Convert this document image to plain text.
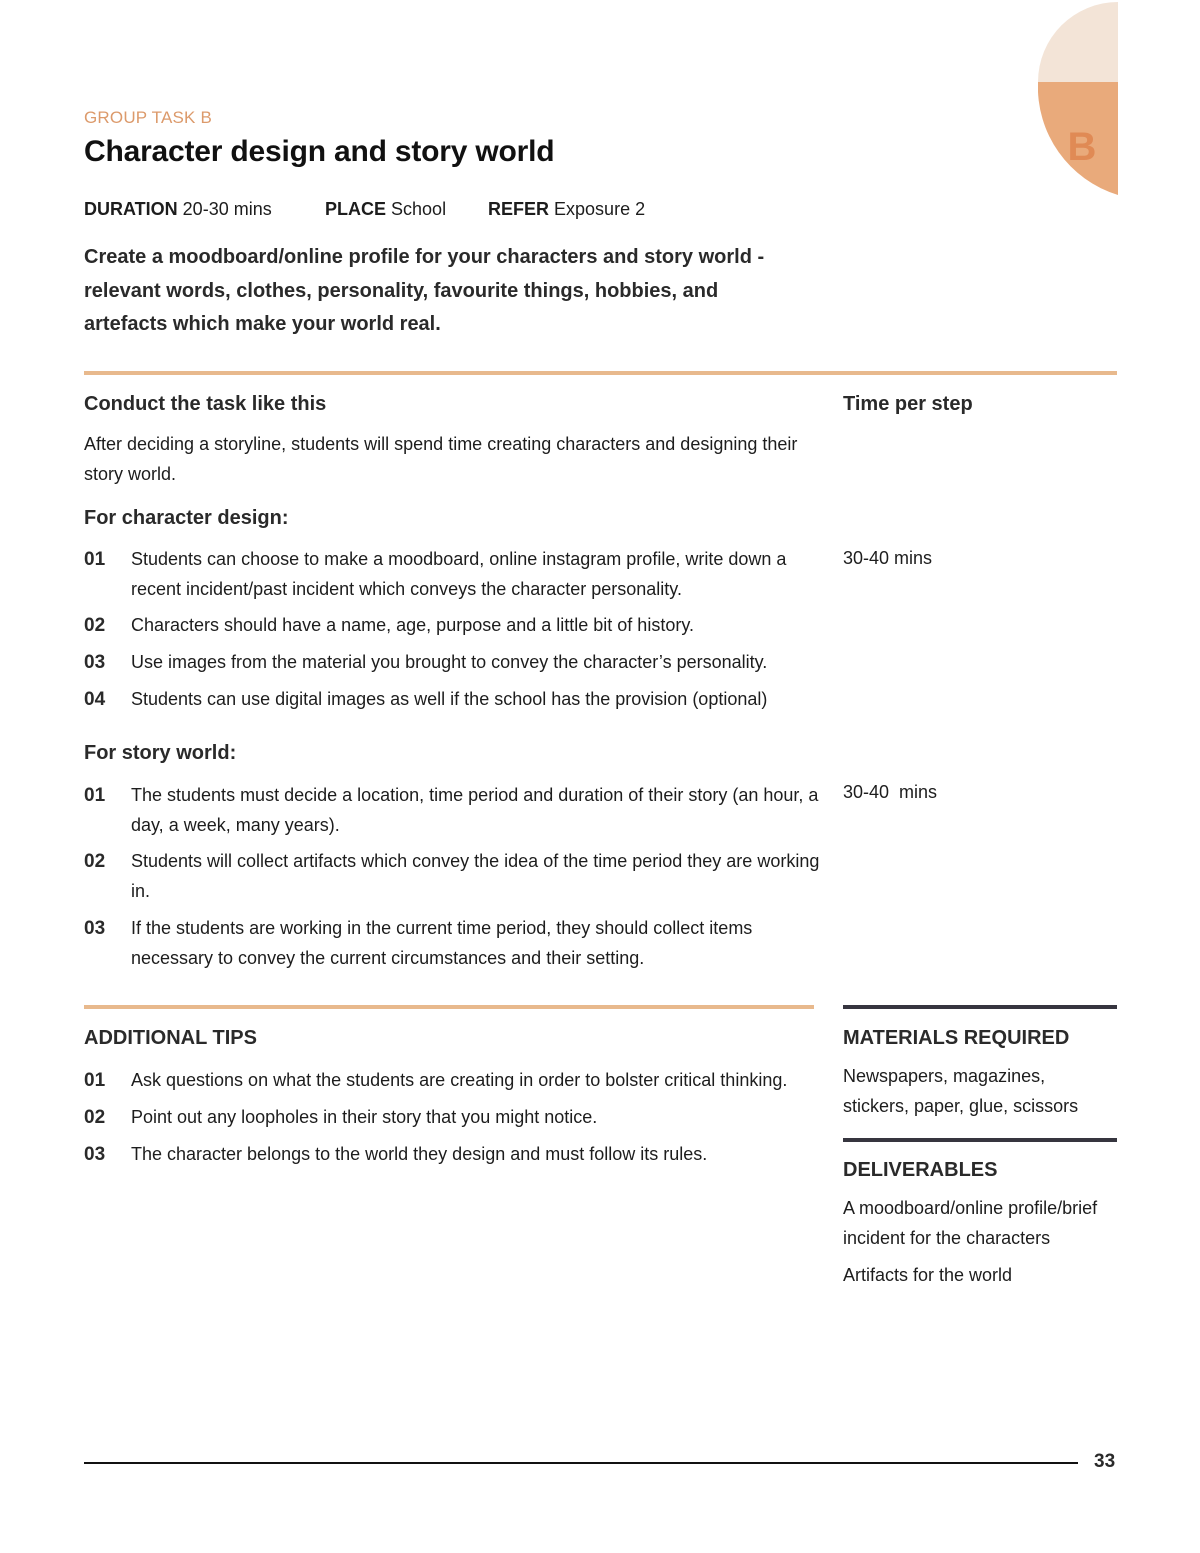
B
GROUP TASK B
Character design and story world
DURATION 20-30 mins	PLACE School REFER Exposure 2
Create a moodboard/online profile for your characters and story world - relevant words, clothes, personality, favourite things, hobbies, and artefacts which make your world real.
Conduct the task like this	Time per step
After deciding a storyline, students will spend time creating characters and designing their story world.
For character design:
30-40 mins
01 Students can choose to make a moodboard, online instagram profile, write down a recent incident/past incident which conveys the character personality.
02 Characters should have a name, age, purpose and a little bit of history.
03 Use images from the material you brought to convey the character’s personality.
04 Students can use digital images as well if the school has the provision (optional)
For story world:
30-40  mins
01 The students must decide a location, time period and duration of their story (an hour, a day, a week, many years).
02 Students will collect artifacts which convey the idea of the time period they are working in.
03 If the students are working in the current time period, they should collect items necessary to convey the current circumstances and their setting.
ADDITIONAL TIPS
01 Ask questions on what the students are creating in order to bolster critical thinking.
02 Point out any loopholes in their story that you might notice.
03 The character belongs to the world they design and must follow its rules.
MATERIALS REQUIRED
Newspapers, magazines, stickers, paper, glue, scissors
DELIVERABLES
A moodboard/online profile/brief incident for the characters
Artifacts for the world
33
